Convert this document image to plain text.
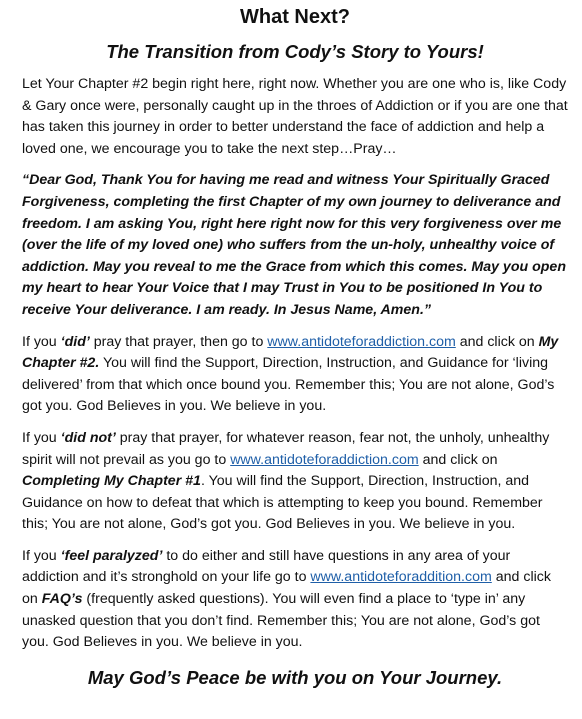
What Next?
The Transition from Cody’s Story to Yours!

Let Your Chapter #2 begin right here, right now. Whether you are one who is, like Cody & Gary once were, personally caught up in the throes of Addiction or if you are one that has taken this journey in order to better understand the face of addiction and help a loved one, we encourage you to take the next step…Pray…

“Dear God, Thank You for having me read and witness Your Spiritually Graced Forgiveness, completing the first Chapter of my own journey to deliverance and freedom. I am asking You, right here right now for this very forgiveness over me (over the life of my loved one) who suffers from the un-holy, unhealthy voice of addiction. May you reveal to me the Grace from which this comes. May you open my heart to hear Your Voice that I may Trust in You to be positioned In You to receive Your deliverance. I am ready. In Jesus Name, Amen.”

If you ‘did’ pray that prayer, then go to www.antidoteforaddiction.com and click on My Chapter #2. You will find the Support, Direction, Instruction, and Guidance for ‘living delivered’ from that which once bound you. Remember this; You are not alone, God’s got you. God Believes in you. We believe in you.

If you ‘did not’ pray that prayer, for whatever reason, fear not, the unholy, unhealthy spirit will not prevail as you go to www.antidoteforaddiction.com and click on Completing My Chapter #1. You will find the Support, Direction, Instruction, and Guidance on how to defeat that which is attempting to keep you bound. Remember this; You are not alone, God’s got you. God Believes in you. We believe in you.

If you ‘feel paralyzed’ to do either and still have questions in any area of your addiction and it’s stronghold on your life go to www.antidoteforaddition.com and click on FAQ’s (frequently asked questions). You will even find a place to ‘type in’ any unasked question that you don’t find. Remember this; You are not alone, God’s got you. God Believes in you. We believe in you.

May God’s Peace be with you on Your Journey.
